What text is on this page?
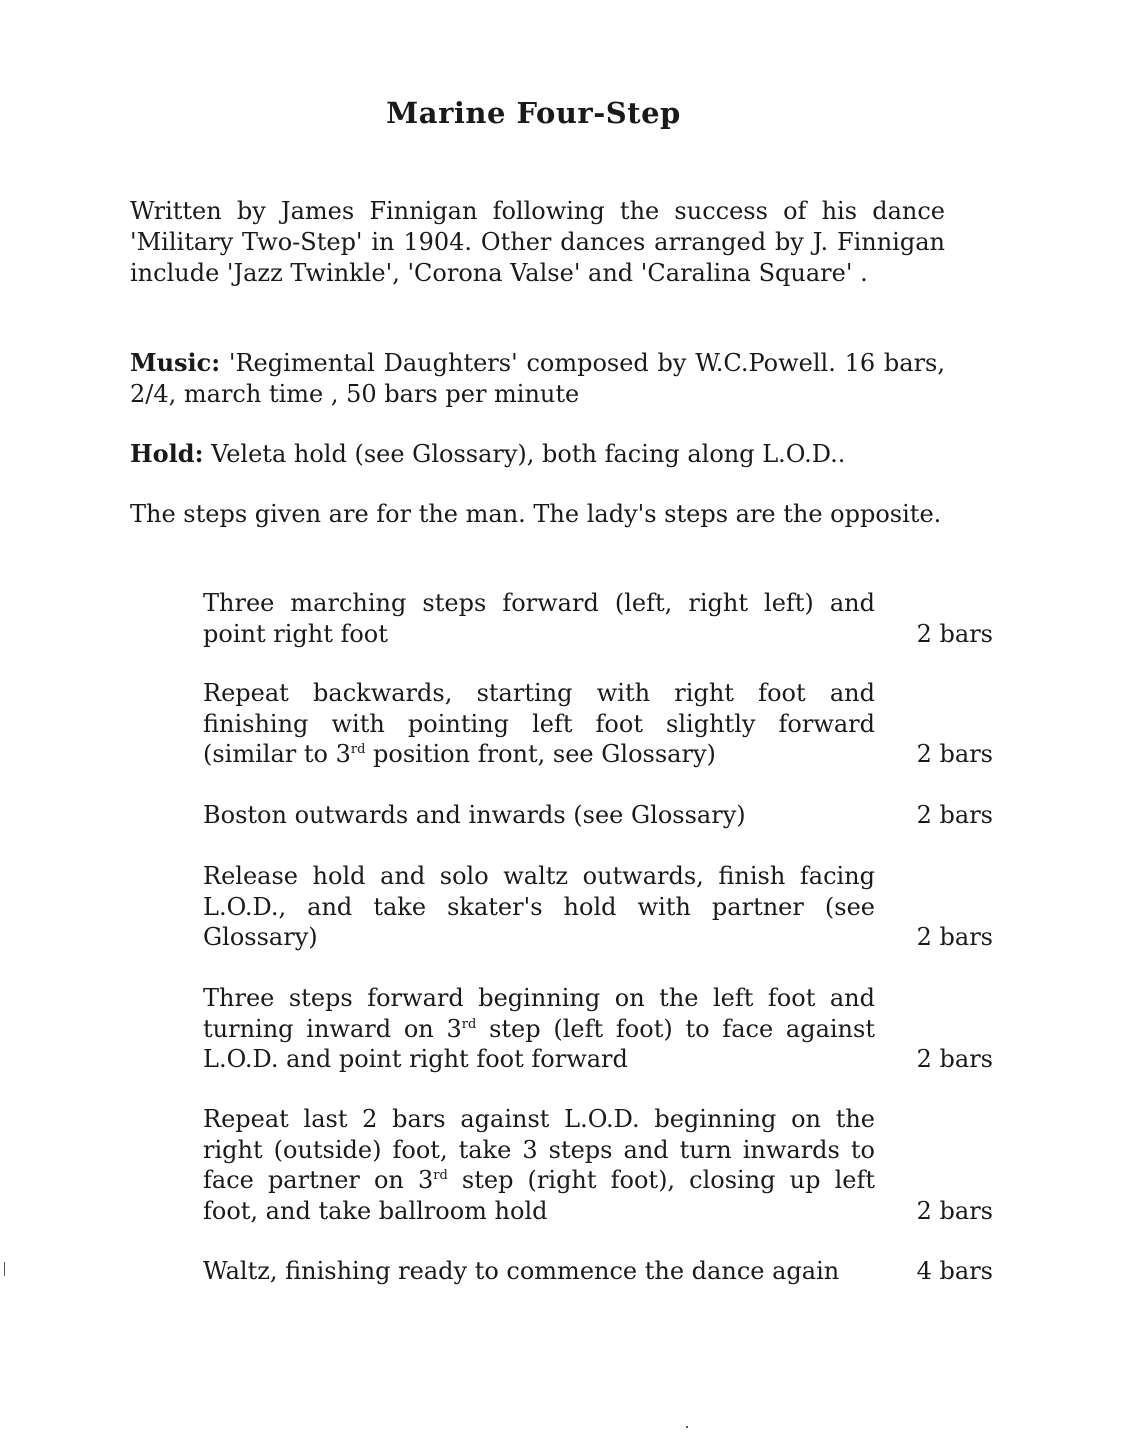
Marine Four-Step
Written by James Finnigan following the success of his dance 'Military Two-Step' in 1904. Other dances arranged by J. Finnigan include 'Jazz Twinkle', 'Corona Valse' and 'Caralina Square' .
Music: 'Regimental Daughters' composed by W.C.Powell. 16 bars, 2/4, march time , 50 bars per minute
Hold: Veleta hold (see Glossary), both facing along L.O.D..
The steps given are for the man. The lady's steps are the opposite.
Three marching steps forward (left, right left) and point right foot	2 bars
Repeat backwards, starting with right foot and finishing with pointing left foot slightly forward (similar to 3rd position front, see Glossary)	2 bars
Boston outwards and inwards (see Glossary)	2 bars
Release hold and solo waltz outwards, finish facing L.O.D., and take skater's hold with partner (see Glossary)	2 bars
Three steps forward beginning on the left foot and turning inward on 3rd step (left foot) to face against L.O.D. and point right foot forward	2 bars
Repeat last 2 bars against L.O.D. beginning on the right (outside) foot, take 3 steps and turn inwards to face partner on 3rd step (right foot), closing up left foot, and take ballroom hold	2 bars
Waltz, finishing ready to commence the dance again	4 bars
